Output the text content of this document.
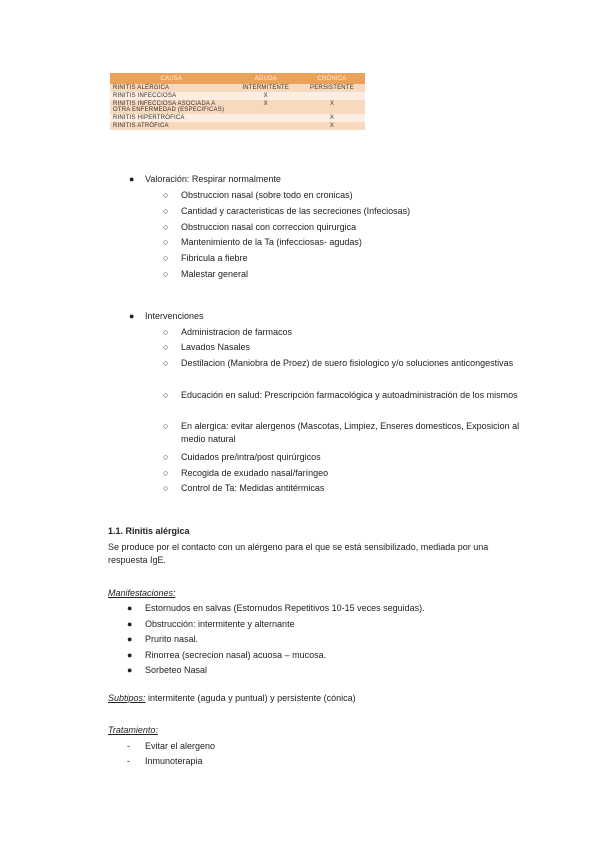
CAUSA	AGUDA	CRÓNICA
RINITIS ALÉRGICA	INTERMITENTE	PERSISTENTE
RINITIS INFECCIOSA	X	
RINITIS INFECCIOSA ASOCIADA A OTRA ENFERMEDAD (ESPECIFICAS)	X	X
RINITIS HIPERTRÓFICA		X
RINITIS ATRÓFICA		X
● Valoración: Respirar normalmente
○ Obstruccion nasal (sobre todo en cronicas)
○ Cantidad y caracteristicas de las secreciones (Infeciosas)
○ Obstruccion nasal con correccion quirurgica
○ Mantenimiento de la Ta (infecciosas- agudas)
○ Fibricula a fiebre
○ Malestar general
● Intervenciones
○ Administracion de farmacos
○ Lavados Nasales
○ Destilacion (Maniobra de Proez) de suero fisiologico y/o soluciones anticongestivas
○ Educación en salud: Prescripción farmacológica y autoadministración de los mismos
○ En alergica: evitar alergenos (Mascotas, Limpiez, Enseres domesticos, Exposicion al medio natural
○ Cuidados pre/intra/post quirúrgicos
○ Recogida de exudado nasal/faríngeo
○ Control de Ta: Medidas antitérmicas
1.1. Rinitis alérgica
Se produce por el contacto con un alérgeno para el que se está sensibilizado, mediada por una respuesta IgE.
Manifestaciones:
● Estornudos en salvas (Estornudos Repetitivos 10-15 veces seguidas).
● Obstrucción: intermitente y alternante
● Prurito nasal.
● Rinorrea (secrecion nasal) acuosa – mucosa.
● Sorbeteo Nasal
Subtipos: intermitente (aguda y puntual) y persistente (cónica)
Tratamiento:
- Evitar el alergeno
- Inmunoterapia
